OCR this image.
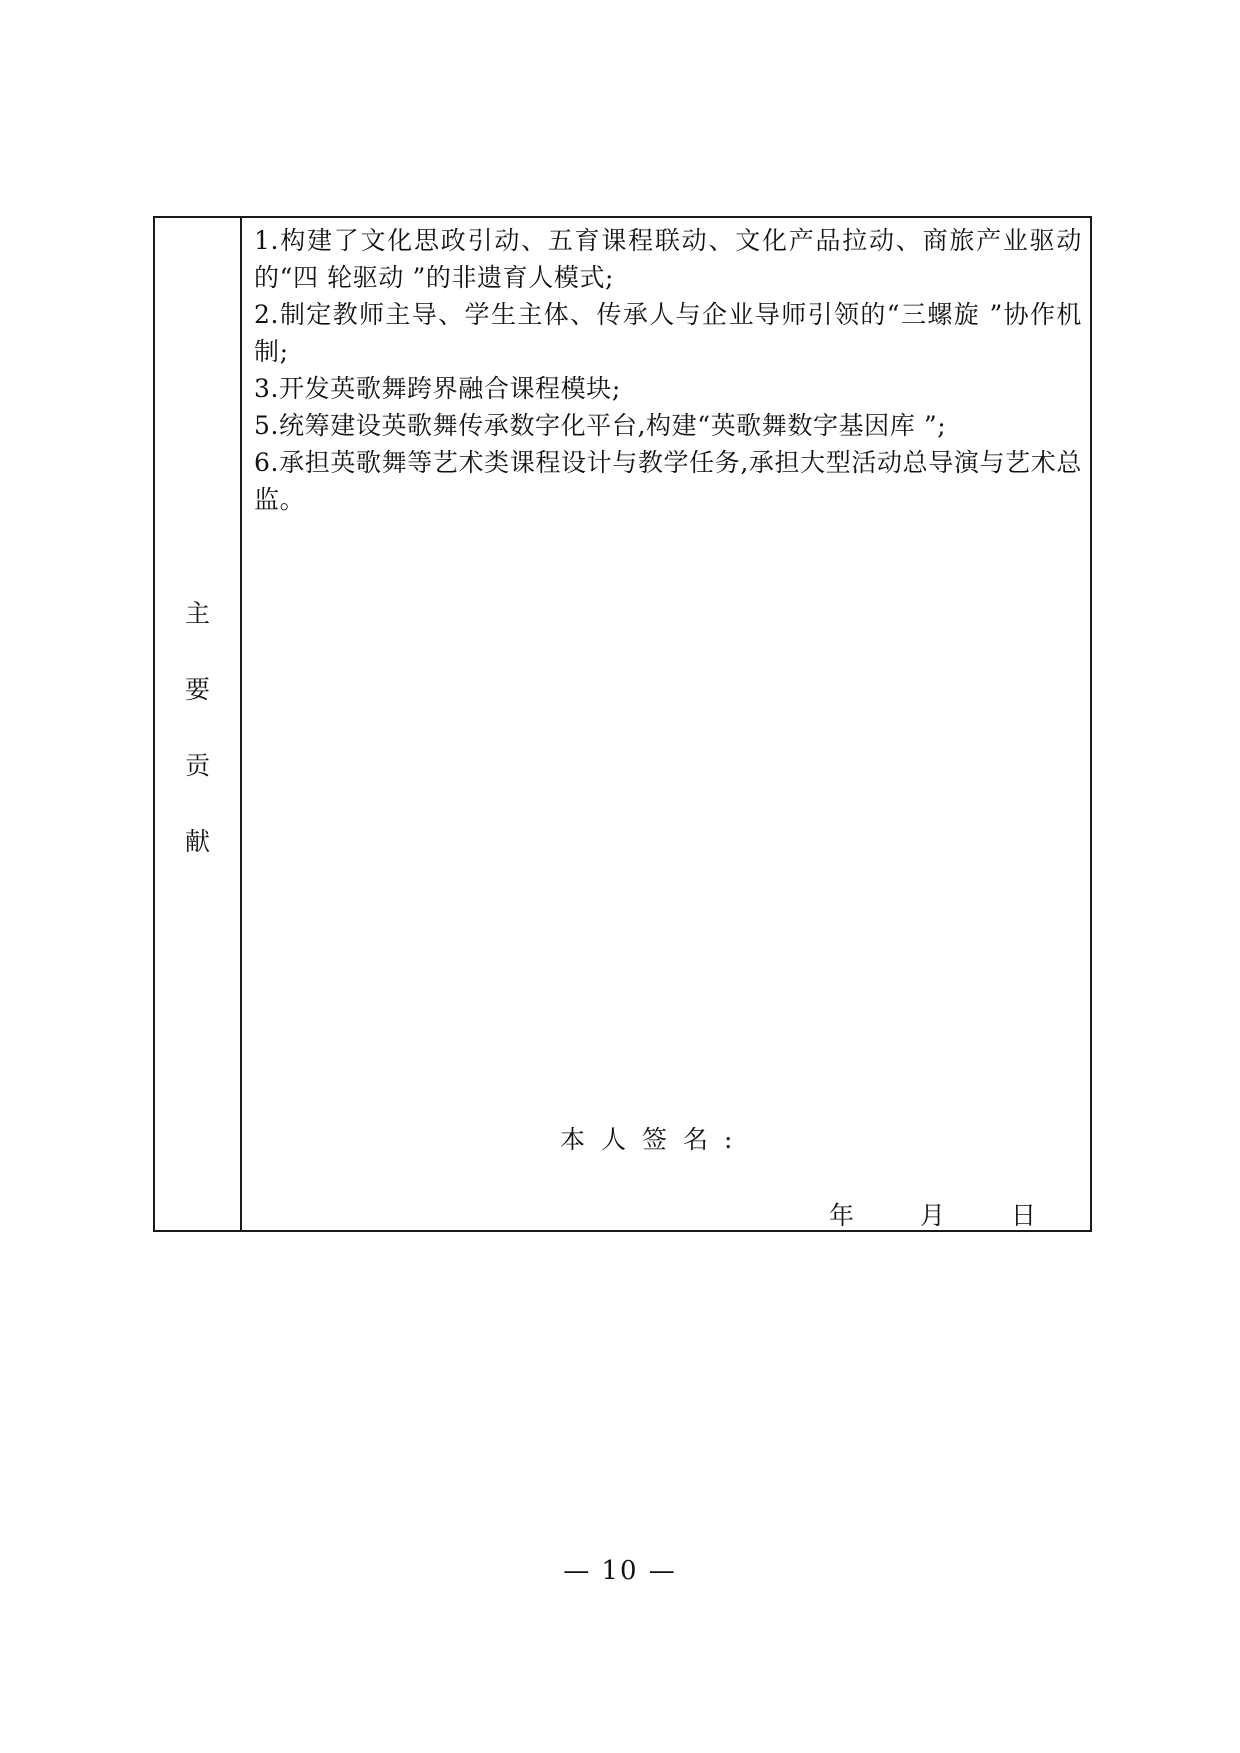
主
要
贡
献
1.构建了文化思政引动、五育课程联动、文化产品拉动、商旅产业驱动的“四 轮驱动 ”的非遗育人模式;
2.制定教师主导、学生主体、传承人与企业导师引领的“三螺旋 ”协作机制;
3.开发英歌舞跨界融合课程模块;
5.统筹建设英歌舞传承数字化平台,构建“英歌舞数字基因库 ”;
6.承担英歌舞等艺术类课程设计与教学任务,承担大型活动总导演与艺术总监。
本人签名:
年	月	日
— 10 —
